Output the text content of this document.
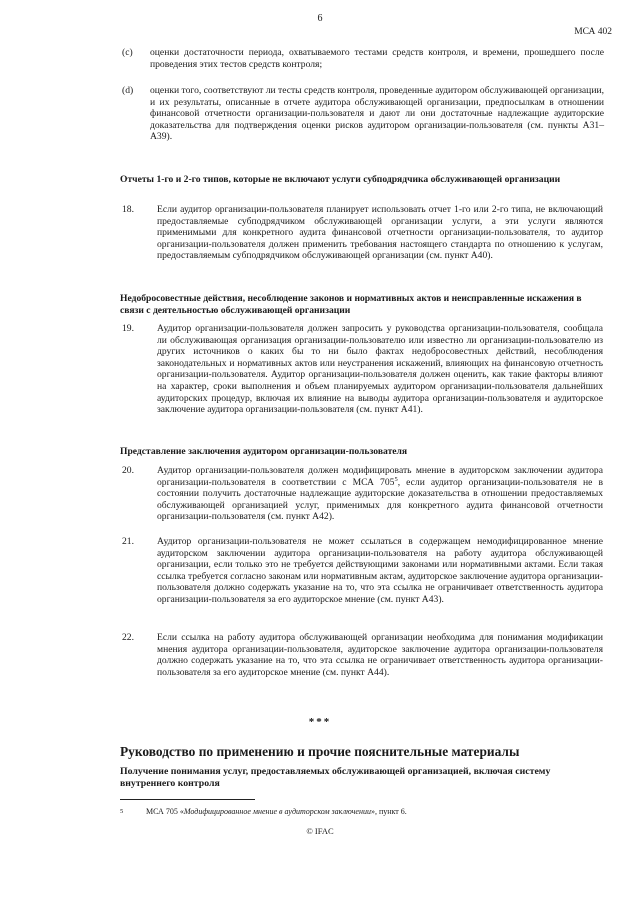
6
МСА 402
(c) оценки достаточности периода, охватываемого тестами средств контроля, и времени, прошедшего после проведения этих тестов средств контроля;
(d) оценки того, соответствуют ли тесты средств контроля, проведенные аудитором обслуживающей организации, и их результаты, описанные в отчете аудитора обслуживающей организации, предпосылкам в отношении финансовой отчетности организации-пользователя и дают ли они достаточные надлежащие аудиторские доказательства для подтверждения оценки рисков аудитором организации-пользователя (см. пункты А31–А39).
Отчеты 1-го и 2-го типов, которые не включают услуги субподрядчика обслуживающей организации
18. Если аудитор организации-пользователя планирует использовать отчет 1-го или 2-го типа, не включающий предоставляемые субподрядчиком обслуживающей организации услуги, а эти услуги являются применимыми для конкретного аудита финансовой отчетности организации-пользователя, то аудитор организации-пользователя должен применить требования настоящего стандарта по отношению к услугам, предоставляемым субподрядчиком обслуживающей организации (см. пункт А40).
Недобросовестные действия, несоблюдение законов и нормативных актов и неисправленные искажения в связи с деятельностью обслуживающей организации
19. Аудитор организации-пользователя должен запросить у руководства организации-пользователя, сообщала ли обслуживающая организация организации-пользователю или известно ли организации-пользователю из других источников о каких бы то ни было фактах недобросовестных действий, несоблюдения законодательных и нормативных актов или неустранения искажений, влияющих на финансовую отчетность организации-пользователя. Аудитор организации-пользователя должен оценить, как такие факторы влияют на характер, сроки выполнения и объем планируемых аудитором организации-пользователя дальнейших аудиторских процедур, включая их влияние на выводы аудитора организации-пользователя и аудиторское заключение аудитора организации-пользователя (см. пункт А41).
Представление заключения аудитором организации-пользователя
20. Аудитор организации-пользователя должен модифицировать мнение в аудиторском заключении аудитора организации-пользователя в соответствии с МСА $705^5$, если аудитор организации-пользователя не в состоянии получить достаточные надлежащие аудиторские доказательства в отношении предоставляемых обслуживающей организацией услуг, применимых для конкретного аудита финансовой отчетности организации-пользователя (см. пункт А42).
21. Аудитор организации-пользователя не может ссылаться в содержащем немодифицированное мнение аудиторском заключении аудитора организации-пользователя на работу аудитора обслуживающей организации, если только это не требуется действующими законами или нормативными актами. Если такая ссылка требуется согласно законам или нормативным актам, аудиторское заключение аудитора организации-пользователя должно содержать указание на то, что эта ссылка не ограничивает ответственность аудитора организации-пользователя за его аудиторское мнение (см. пункт А43).
22. Если ссылка на работу аудитора обслуживающей организации необходима для понимания модификации мнения аудитора организации-пользователя, аудиторское заключение аудитора организации-пользователя должно содержать указание на то, что эта ссылка не ограничивает ответственность аудитора организации-пользователя за его аудиторское мнение (см. пункт А44).
***
Руководство по применению и прочие пояснительные материалы
Получение понимания услуг, предоставляемых обслуживающей организацией, включая систему внутреннего контроля
5	МСА 705 «Модифицированное мнение в аудиторском заключении», пункт 6.
© IFAC
